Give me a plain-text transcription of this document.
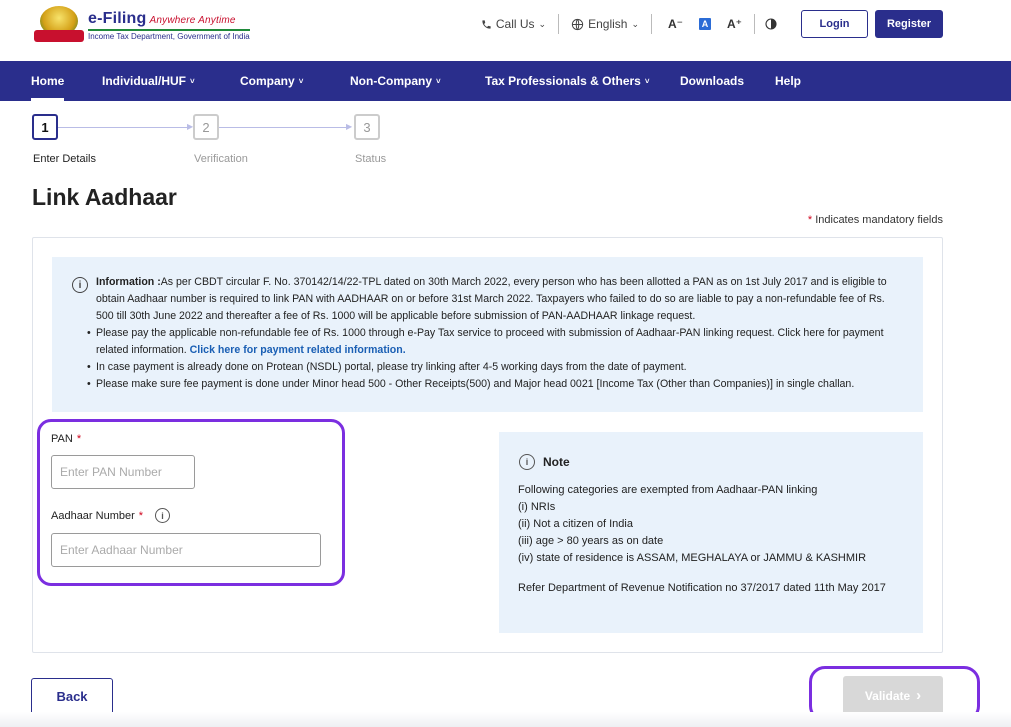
e-Filing Anywhere Anytime
Income Tax Department, Government of India
Call Us ⌄	English ⌄	A⁻	A	A⁺	Login	Register
Home	Individual/HUF ˅	Company ˅	Non-Company ˅	Tax Professionals & Others ˅	Downloads	Help
1	▶ 2	▶ 3
Enter Details	Verification	Status
Link Aadhaar
* Indicates mandatory fields
i	Information :As per CBDT circular F. No. 370142/14/22-TPL dated on 30th March 2022, every person who has been allotted a PAN as on 1st July 2017 and is eligible to obtain Aadhaar number is required to link PAN with AADHAAR on or before 31st March 2022. Taxpayers who failed to do so are liable to pay a non-refundable fee of Rs. 500 till 30th June 2022 and thereafter a fee of Rs. 1000 will be applicable before submission of PAN-AADHAAR linkage request.
• Please pay the applicable non-refundable fee of Rs. 1000 through e-Pay Tax service to proceed with submission of Aadhaar-PAN linking request. Click here for payment related information. Click here for payment related information.
• In case payment is already done on Protean (NSDL) portal, please try linking after 4-5 working days from the date of payment.
• Please make sure fee payment is done under Minor head 500 - Other Receipts(500) and Major head 0021 [Income Tax (Other than Companies)] in single challan.
PAN *
Enter PAN Number
Aadhaar Number *	i
Enter Aadhaar Number
i	Note
Following categories are exempted from Aadhaar-PAN linking
(i) NRIs
(ii) Not a citizen of India
(iii) age > 80 years as on date
(iv) state of residence is ASSAM, MEGHALAYA or JAMMU & KASHMIR
Refer Department of Revenue Notification no 37/2017 dated 11th May 2017
Back	Validate ›
